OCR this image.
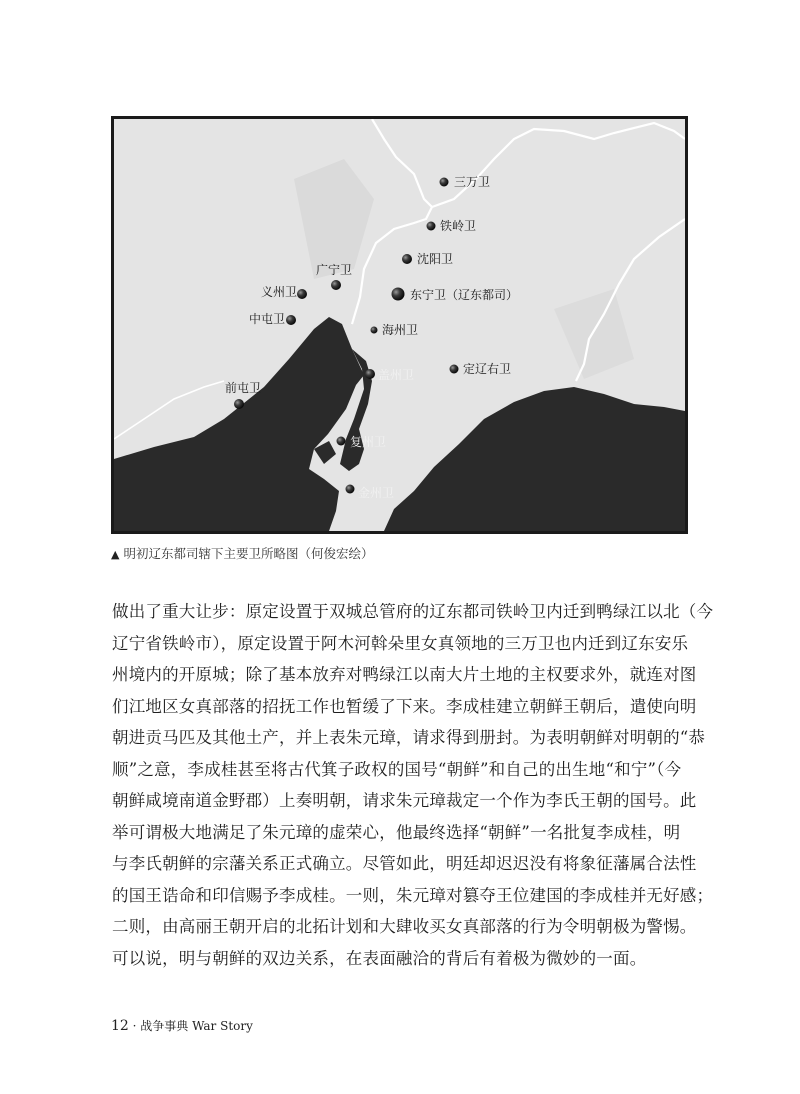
三万卫
铁岭卫
沈阳卫
广宁卫
义州卫	东宁卫（辽东都司）
中屯卫
海州卫
盖州卫	定辽右卫
前屯卫
复州卫
金州卫
▲ 明初辽东都司辖下主要卫所略图（何俊宏绘）
做出了重大让步：原定设置于双城总管府的辽东都司铁岭卫内迁到鸭绿江以北（今
辽宁省铁岭市），原定设置于阿木河斡朵里女真领地的三万卫也内迁到辽东安乐
州境内的开原城；除了基本放弃对鸭绿江以南大片土地的主权要求外，就连对图
们江地区女真部落的招抚工作也暂缓了下来。李成桂建立朝鲜王朝后，遣使向明
朝进贡马匹及其他土产，并上表朱元璋，请求得到册封。为表明朝鲜对明朝的“恭
顺”之意，李成桂甚至将古代箕子政权的国号“朝鲜”和自己的出生地“和宁”（今
朝鲜咸境南道金野郡）上奏明朝，请求朱元璋裁定一个作为李氏王朝的国号。此
举可谓极大地满足了朱元璋的虚荣心，他最终选择“朝鲜”一名批复李成桂，明
与李氏朝鲜的宗藩关系正式确立。尽管如此，明廷却迟迟没有将象征藩属合法性
的国王诰命和印信赐予李成桂。一则，朱元璋对篡夺王位建国的李成桂并无好感；
二则，由高丽王朝开启的北拓计划和大肆收买女真部落的行为令明朝极为警惕。
可以说，明与朝鲜的双边关系，在表面融洽的背后有着极为微妙的一面。
12 · 战争事典 War Story
